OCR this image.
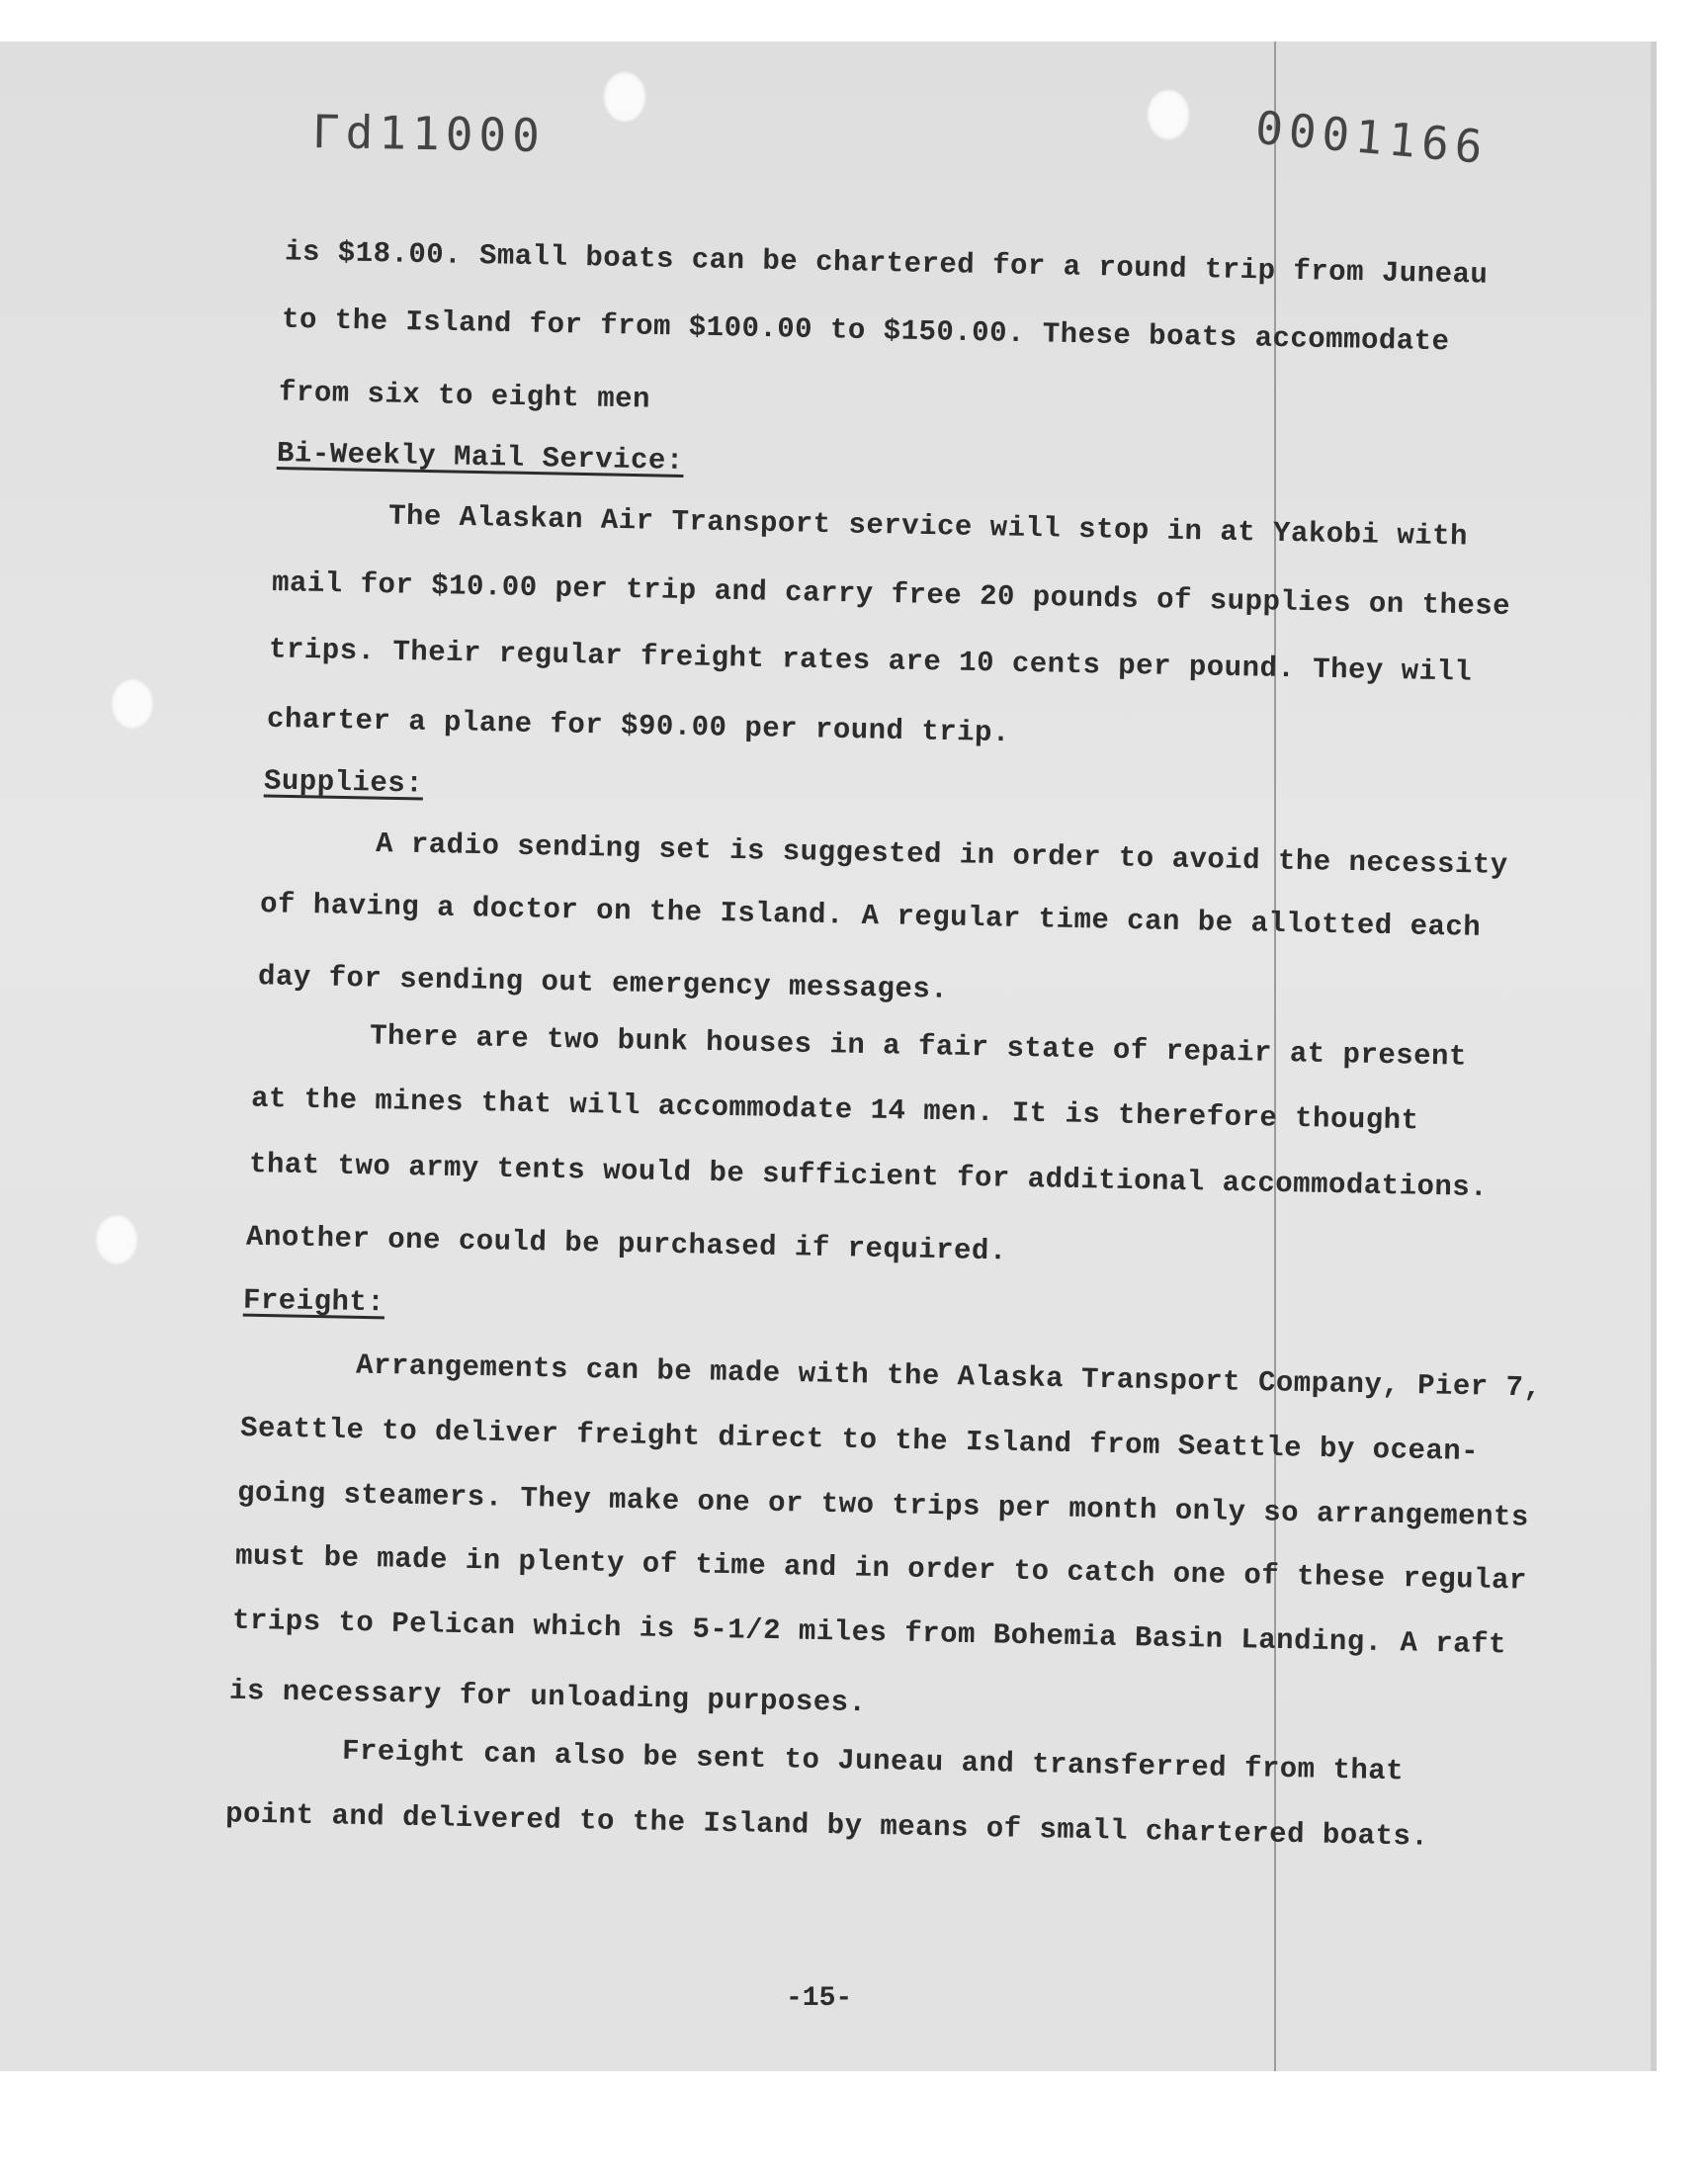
Γd11000	0001166
is $18.00. Small boats can be chartered for a round trip from Juneau
to the Island for from $100.00 to $150.00. These boats accommodate
from six to eight men
Bi-Weekly Mail Service:
The Alaskan Air Transport service will stop in at Yakobi with
mail for $10.00 per trip and carry free 20 pounds of supplies on these
trips. Their regular freight rates are 10 cents per pound. They will
charter a plane for $90.00 per round trip.
Supplies:
A radio sending set is suggested in order to avoid the necessity
of having a doctor on the Island. A regular time can be allotted each
day for sending out emergency messages.
There are two bunk houses in a fair state of repair at present
at the mines that will accommodate 14 men. It is therefore thought
that two army tents would be sufficient for additional accommodations.
Another one could be purchased if required.
Freight:
Arrangements can be made with the Alaska Transport Company, Pier 7,
Seattle to deliver freight direct to the Island from Seattle by ocean-
going steamers. They make one or two trips per month only so arrangements
must be made in plenty of time and in order to catch one of these regular
trips to Pelican which is 5-1/2 miles from Bohemia Basin Landing. A raft
is necessary for unloading purposes.
Freight can also be sent to Juneau and transferred from that
point and delivered to the Island by means of small chartered boats.
-15-
